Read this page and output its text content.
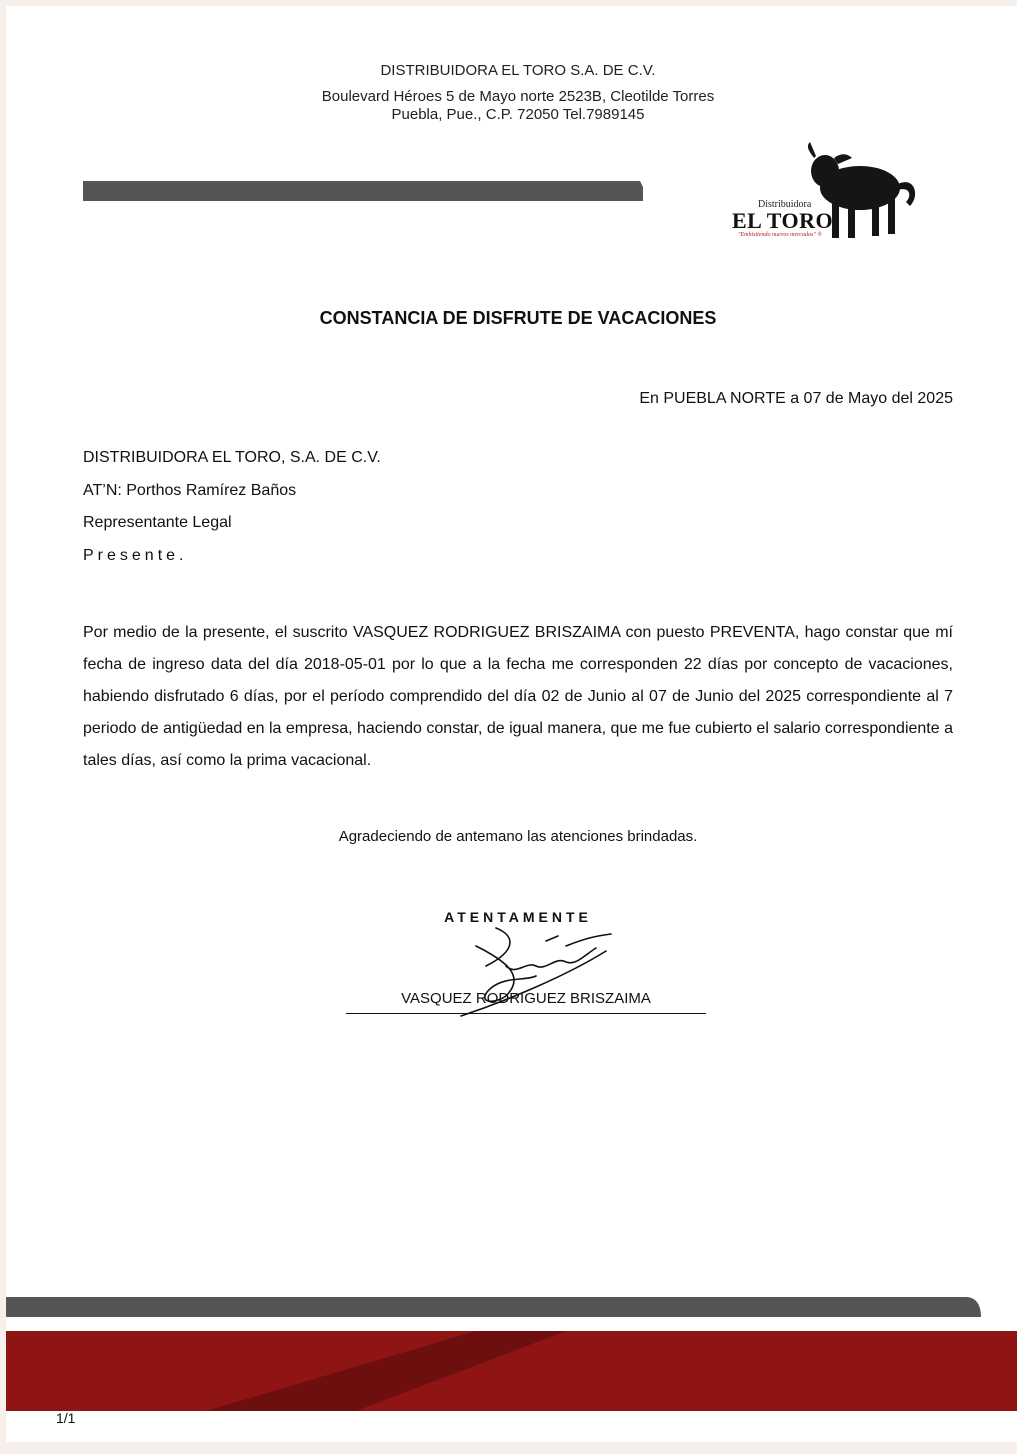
DISTRIBUIDORA EL TORO S.A. DE C.V.
Boulevard Héroes 5 de Mayo norte 2523B, Cleotilde Torres
Puebla, Pue., C.P. 72050 Tel.7989145
Distribuidora
EL TORO
"Embistiendo nuevos mercados" ®
CONSTANCIA DE DISFRUTE DE VACACIONES
En PUEBLA NORTE a 07 de Mayo del 2025
DISTRIBUIDORA EL TORO, S.A. DE C.V.
AT’N: Porthos Ramírez Baños
Representante Legal
Presente.
Por medio de la presente, el suscrito VASQUEZ RODRIGUEZ BRISZAIMA con puesto PREVENTA, hago constar que mí fecha de ingreso data del día 2018-05-01 por lo que a la fecha me corresponden 22 días por concepto de vacaciones, habiendo disfrutado 6 días, por el período comprendido del día 02 de Junio al 07 de Junio del 2025 correspondiente al 7 periodo de antigüedad en la empresa, haciendo constar, de igual manera, que me fue cubierto el salario correspondiente a tales días, así como la prima vacacional.
Agradeciendo de antemano las atenciones brindadas.
ATENTAMENTE
VASQUEZ RODRIGUEZ BRISZAIMA
1/1
